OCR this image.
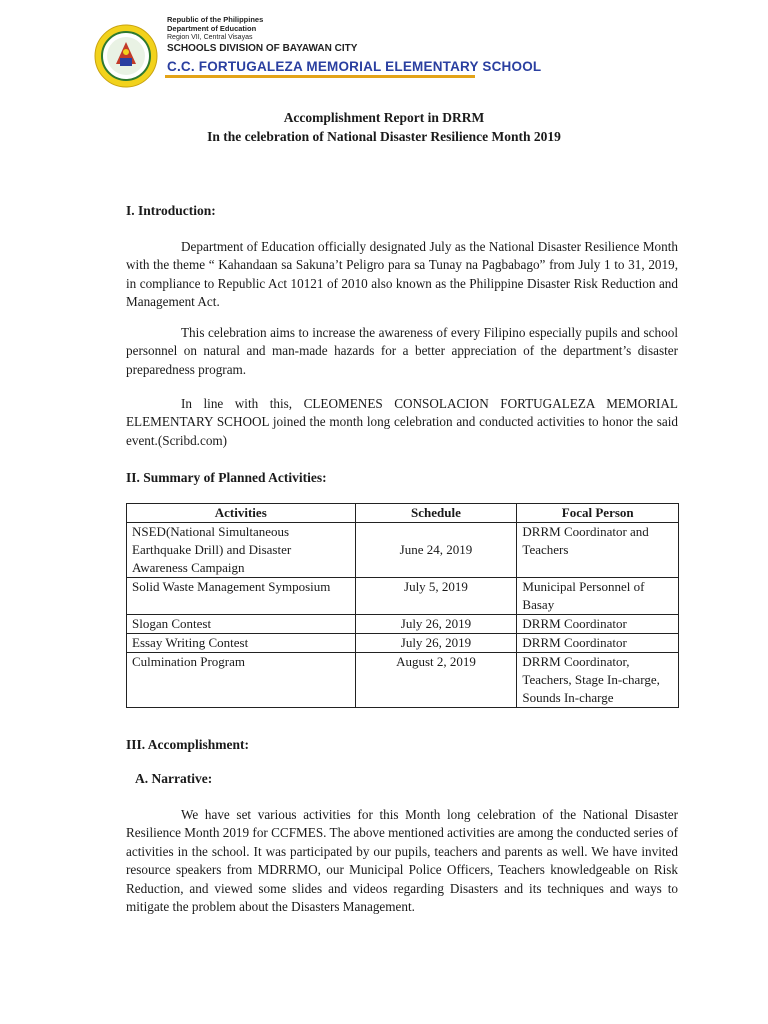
Republic of the Philippines
Department of Education
Region VII, Central Visayas
SCHOOLS DIVISION OF BAYAWAN CITY
C.C. FORTUGALEZA MEMORIAL ELEMENTARY SCHOOL
Accomplishment Report in DRRM
In the celebration of National Disaster Resilience Month 2019
I. Introduction:

Department of Education officially designated July as the National Disaster Resilience Month with the theme “ Kahandaan sa Sakuna’t Peligro para sa Tunay na Pagbabago” from July 1 to 31, 2019, in compliance to Republic Act 10121 of 2010 also known as the Philippine Disaster Risk Reduction and Management Act.

This celebration aims to increase the awareness of every Filipino especially pupils and school personnel on natural and man-made hazards for a better appreciation of the department’s disaster preparedness program.

In line with this, CLEOMENES CONSOLACION FORTUGALEZA MEMORIAL ELEMENTARY SCHOOL joined the month long celebration and conducted activities to honor the said event.(Scribd.com)

II. Summary of Planned Activities:
Activities	Schedule	Focal Person
NSED(National Simultaneous Earthquake Drill) and Disaster Awareness Campaign	June 24, 2019	DRRM Coordinator and Teachers
Solid Waste Management Symposium	July 5, 2019	Municipal Personnel of Basay
Slogan Contest	July 26, 2019	DRRM Coordinator
Essay Writing Contest	July 26, 2019	DRRM Coordinator
Culmination Program	August 2, 2019	DRRM Coordinator, Teachers, Stage In-charge, Sounds In-charge
III. Accomplishment:
A. Narrative:

We have set various activities for this Month long celebration of the National Disaster Resilience Month 2019 for CCFMES. The above mentioned activities are among the conducted series of activities in the school. It was participated by our pupils, teachers and parents as well. We have invited resource speakers from MDRRMO, our Municipal Police Officers, Teachers knowledgeable on Risk Reduction, and viewed some slides and videos regarding Disasters and its techniques and ways to mitigate the problem about the Disasters Management.
